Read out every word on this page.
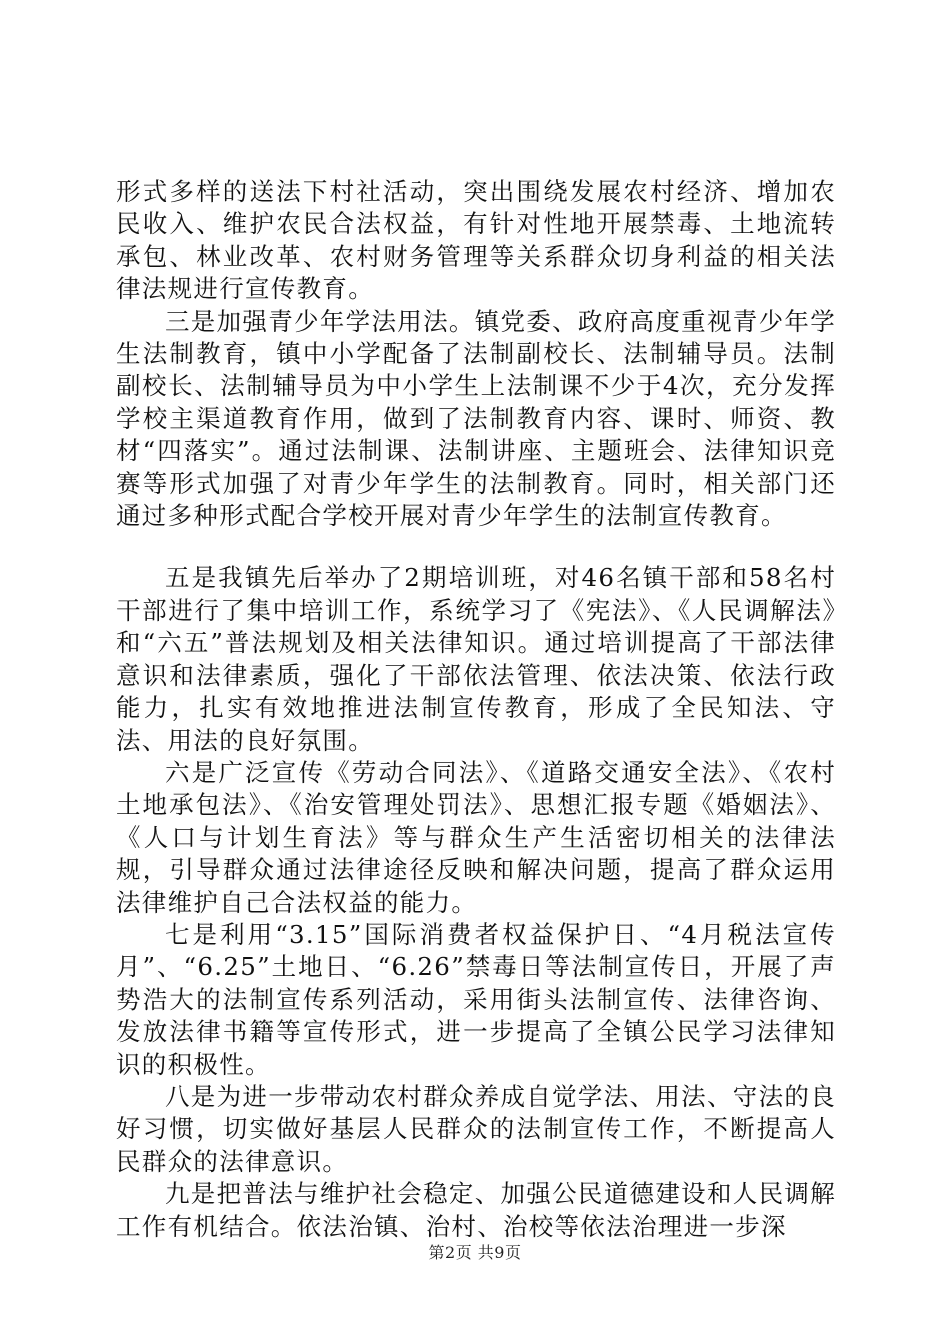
形式多样的送法下村社活动，突出围绕发展农村经济、增加农民收入、维护农民合法权益，有针对性地开展禁毒、土地流转承包、林业改革、农村财务管理等关系群众切身利益的相关法律法规进行宣传教育。

三是加强青少年学法用法。镇党委、政府高度重视青少年学生法制教育，镇中小学配备了法制副校长、法制辅导员。法制副校长、法制辅导员为中小学生上法制课不少于4次，充分发挥学校主渠道教育作用，做到了法制教育内容、课时、师资、教材“四落实”。通过法制课、法制讲座、主题班会、法律知识竞赛等形式加强了对青少年学生的法制教育。同时，相关部门还通过多种形式配合学校开展对青少年学生的法制宣传教育。

五是我镇先后举办了2期培训班，对46名镇干部和58名村干部进行了集中培训工作，系统学习了《宪法》、《人民调解法》和“六五”普法规划及相关法律知识。通过培训提高了干部法律意识和法律素质，强化了干部依法管理、依法决策、依法行政能力，扎实有效地推进法制宣传教育，形成了全民知法、守法、用法的良好氛围。

六是广泛宣传《劳动合同法》、《道路交通安全法》、《农村土地承包法》、《治安管理处罚法》、思想汇报专题《婚姻法》、《人口与计划生育法》等与群众生产生活密切相关的法律法规，引导群众通过法律途径反映和解决问题，提高了群众运用法律维护自己合法权益的能力。

七是利用“3.15”国际消费者权益保护日、“4月税法宣传月”、“6.25”土地日、“6.26”禁毒日等法制宣传日，开展了声势浩大的法制宣传系列活动，采用街头法制宣传、法律咨询、发放法律书籍等宣传形式，进一步提高了全镇公民学习法律知识的积极性。

八是为进一步带动农村群众养成自觉学法、用法、守法的良好习惯，切实做好基层人民群众的法制宣传工作，不断提高人民群众的法律意识。

九是把普法与维护社会稳定、加强公民道德建设和人民调解工作有机结合。依法治镇、治村、治校等依法治理进一步深

第2页 共9页
